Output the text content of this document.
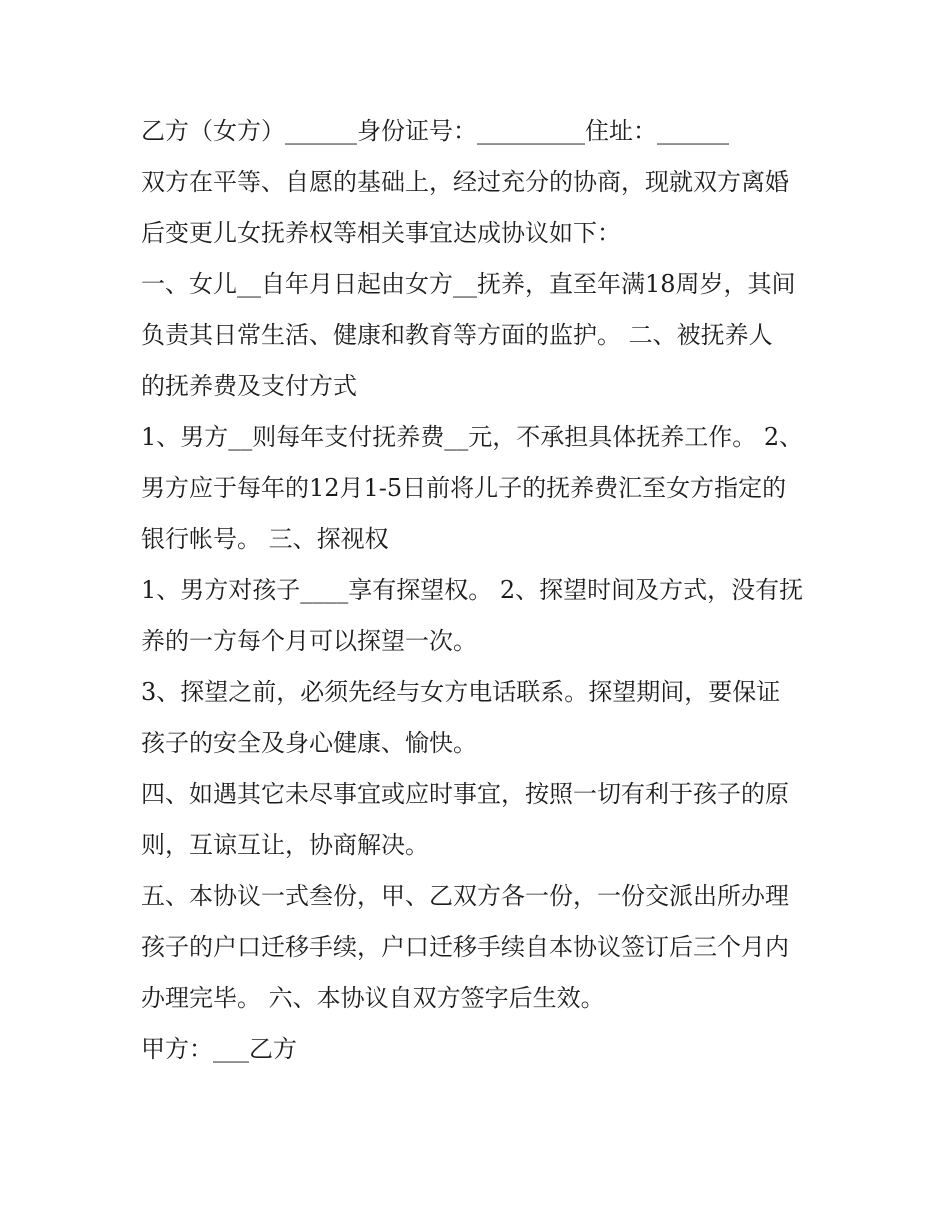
乙方（女方）______身份证号：_________住址：______
双方在平等、自愿的基础上，经过充分的协商，现就双方离婚
后变更儿女抚养权等相关事宜达成协议如下：
一、女儿__自年月日起由女方__抚养，直至年满18周岁，其间
负责其日常生活、健康和教育等方面的监护。 二、被抚养人
的抚养费及支付方式
1、男方__则每年支付抚养费__元，不承担具体抚养工作。 2、
男方应于每年的12月1-5日前将儿子的抚养费汇至女方指定的
银行帐号。 三、探视权
1、男方对孩子____享有探望权。 2、探望时间及方式，没有抚
养的一方每个月可以探望一次。
3、探望之前，必须先经与女方电话联系。探望期间，要保证
孩子的安全及身心健康、愉快。
四、如遇其它未尽事宜或应时事宜，按照一切有利于孩子的原
则，互谅互让，协商解决。
五、本协议一式叁份，甲、乙双方各一份，一份交派出所办理
孩子的户口迁移手续，户口迁移手续自本协议签订后三个月内
办理完毕。 六、本协议自双方签字后生效。
甲方：___乙方
